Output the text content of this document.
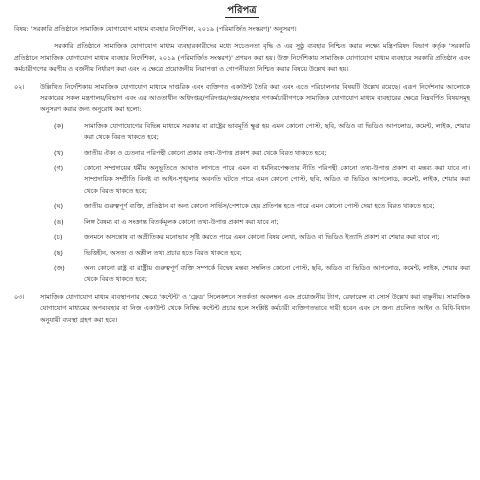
পরিপত্র
বিষয়: 'সরকারি প্রতিষ্ঠানে সামাজিক যোগাযোগ মাধ্যম ব্যবহার নির্দেশিকা, ২০১৯ (পরিমার্জিত সংস্করণ)' অনুসরণ।
সরকারি প্রতিষ্ঠানে সামাজিক যোগাযোগ মাধ্যম ব্যবহারকারীদের মধ্যে সচেতনতা বৃদ্ধি ও এর সুষ্ঠু ব্যবহার নিশ্চিত করার লক্ষ্যে মন্ত্রিপরিষদ বিভাগ কর্তৃক 'সরকারি প্রতিষ্ঠানে সামাজিক যোগাযোগ মাধ্যম ব্যবহার নির্দেশিকা, ২০১৯ (পরিমার্জিত সংস্করণ)' প্রণয়ন করা হয়। উক্ত নির্দেশিকায় সামাজিক যোগাযোগ মাধ্যম ব্যবহারে সরকারি প্রতিষ্ঠান এবং কর্মচারীগণের করণীয় ও বর্জনীয় নির্ধারণ করা এবং এ ক্ষেত্রে প্রয়োজনীয় নিরাপত্তা ও গোপনীয়তা নিশ্চিত করার বিষয়ে উল্লেখ করা হয়।
০২।	উল্লিখিত নির্দেশিকায় সামাজিক যোগাযোগ মাধ্যমে দাপ্তরিক এবং ব্যক্তিগত একাউন্ট তৈরি করা এবং এতে পরিচালনার বিষয়টি উল্লেখ রয়েছে। এরূপ নির্দেশনার আলোকে সরকারের সকল মন্ত্রণালয়/বিভাগ এবং এর আওতাধীন অধিদপ্তর/পরিদপ্তর/দপ্তর/সংস্থার গণকর্মচারীগণকে সামাজিক যোগাযোগ মাধ্যম ব্যবহারের ক্ষেত্রে নিম্নবর্ণিত বিষয়সমূহ অনুসরণ করার জন্য অনুরোধ করা হলো:
(ক)	সামাজিক যোগাযোগের বিভিন্ন মাধ্যমে সরকার বা রাষ্ট্রের ভাবমূর্তি ক্ষুণ্ণ হয় এমন কোনো পোস্ট, ছবি, অডিও বা ভিডিও আপলোড, কমেন্ট, লাইক, শেয়ার করা থেকে বিরত থাকতে হবে;
(খ)	জাতীয় ঐক্য ও চেতনার পরিপন্থী কোনো প্রকার তথ্য-উপাত্ত প্রকাশ করা থেকে বিরত থাকতে হবে;
(গ)	কোনো সম্প্রদায়ের ধর্মীয় অনুভূতিতে আঘাত লাগতে পারে এমন বা ধর্মনিরপেক্ষতার নীতি পরিপন্থী কোনো তথ্য-উপাত্ত প্রকাশ বা মন্তব্য করা যাবে না। সাম্প্রদায়িক সম্প্রীতি বিনষ্ট বা আইন-শৃঙ্খলার অবনতি ঘটতে পারে এমন কোনো পোস্ট, ছবি, অডিও বা ভিডিও আপলোড, কমেন্ট, লাইক, শেয়ার করা থেকে বিরত থাকতে হবে;
(ঘ)	জাতীয় গুরুত্বপূর্ণ ব্যক্তি, প্রতিষ্ঠান বা অন্য কোনো সার্ভিস/পেশাকে হেয় প্রতিপন্ন হতে পারে এমন কোনো পোস্ট দেয়া হতে বিরত থাকতে হবে;
(ঙ)	লিঙ্গ বৈষম্য বা এ সংক্রান্ত বিতর্কমূলক কোনো তথ্য-উপাত্ত প্রকাশ করা যাবে না;
(চ)	জনমনে অসন্তোষ বা অপ্রীতিকর মনোভাব সৃষ্টি করতে পারে এমন কোনো বিষয় লেখা, অডিও বা ভিডিও ইত্যাদি প্রকাশ বা শেয়ার করা যাবে না;
(ছ)	ভিত্তিহীন, অসত্য ও অশ্লীল তথ্য প্রচার হতে বিরত থাকতে হবে;
(জ)	অন্য কোনো রাষ্ট্র বা রাষ্ট্রীয় গুরুত্বপূর্ণ ব্যক্তি সম্পর্কে বিদ্বেষ মন্তব্য সম্বলিত কোনো পোস্ট, ছবি, অডিও বা ভিডিও আপলোড, কমেন্ট, লাইক, শেয়ার করা থেকে বিরত থাকতে হবে;
০৩।	সামাজিক যোগাযোগ মাধ্যম ব্যবস্থাপনার ক্ষেত্রে 'কন্টেন্ট' ও 'ফ্লেড' সিলেকশনে সতর্কতা অবলম্বন এবং প্রয়োজনীয় ট্যাগ, রেফারেন্স বা সোর্স উল্লেখ করা বাঞ্ছনীয়। সামাজিক যোগাযোগ মাধ্যমের অপব্যবহার বা নিজ একাউন্ট থেকে নিষিদ্ধ কন্টেন্ট প্রচার হলে সংশ্লিষ্ট কর্মচারী ব্যক্তিগতভাবে দায়ী হবেন এবং সে জন্য প্রচলিত আইন ও বিধি-বিধান অনুযায়ী ব্যবস্থা গ্রহণ করা হবে।
